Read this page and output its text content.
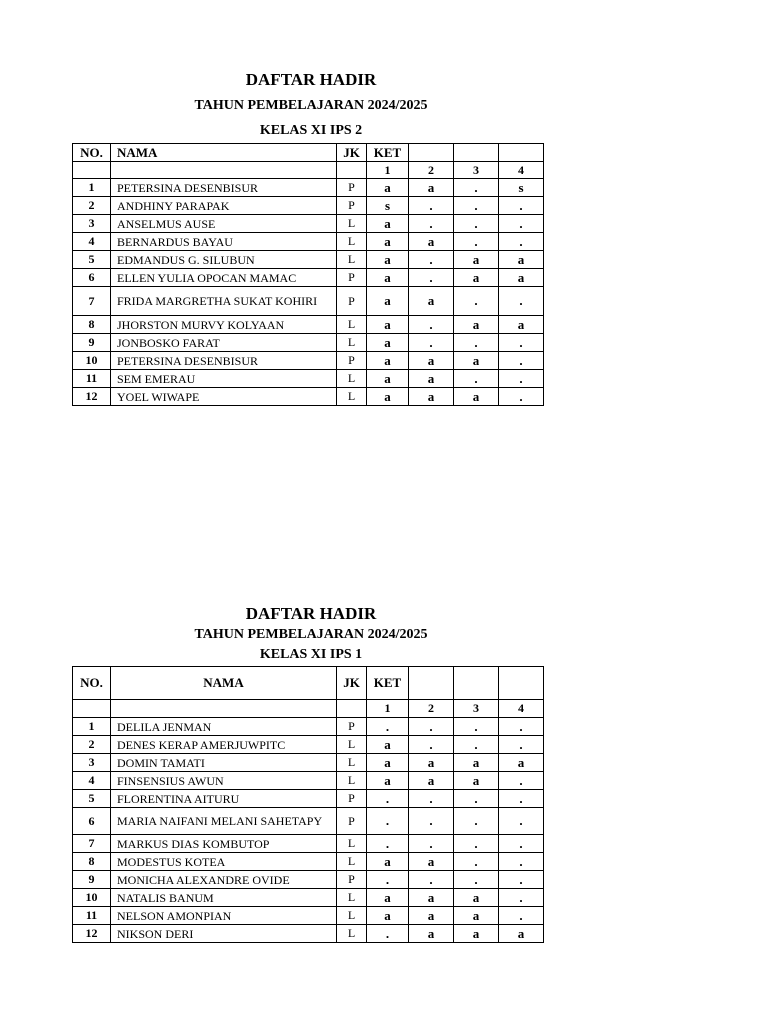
DAFTAR HADIR
TAHUN PEMBELAJARAN 2024/2025
KELAS XI IPS 2
NO.	NAMA	JK	KET			
			1	2	3	4
1	PETERSINA DESENBISUR	P	a	a	.	s
2	ANDHINY PARAPAK	P	s	.	.	.
3	ANSELMUS AUSE	L	a	.	.	.
4	BERNARDUS BAYAU	L	a	a	.	.
5	EDMANDUS G. SILUBUN	L	a	.	a	a
6	ELLEN YULIA OPOCAN MAMAC	P	a	.	a	a
7	FRIDA MARGRETHA SUKAT KOHIRI	P	a	a	.	.
8	JHORSTON MURVY KOLYAAN	L	a	.	a	a
9	JONBOSKO FARAT	L	a	.	.	.
10	PETERSINA DESENBISUR	P	a	a	a	.
11	SEM EMERAU	L	a	a	.	.
12	YOEL WIWAPE	L	a	a	a	.
DAFTAR HADIR
TAHUN PEMBELAJARAN 2024/2025
KELAS XI IPS 1
NO.	NAMA	JK	KET			
			1	2	3	4
1	DELILA JENMAN	P	.	.	.	.
2	DENES KERAP AMERJUWPITC	L	a	.	.	.
3	DOMIN TAMATI	L	a	a	a	a
4	FINSENSIUS AWUN	L	a	a	a	.
5	FLORENTINA AITURU	P	.	.	.	.
6	MARIA NAIFANI MELANI SAHETAPY	P	.	.	.	.
7	MARKUS DIAS KOMBUTOP	L	.	.	.	.
8	MODESTUS KOTEA	L	a	a	.	.
9	MONICHA ALEXANDRE OVIDE	P	.	.	.	.
10	NATALIS BANUM	L	a	a	a	.
11	NELSON AMONPIAN	L	a	a	a	.
12	NIKSON DERI	L	.	a	a	a
